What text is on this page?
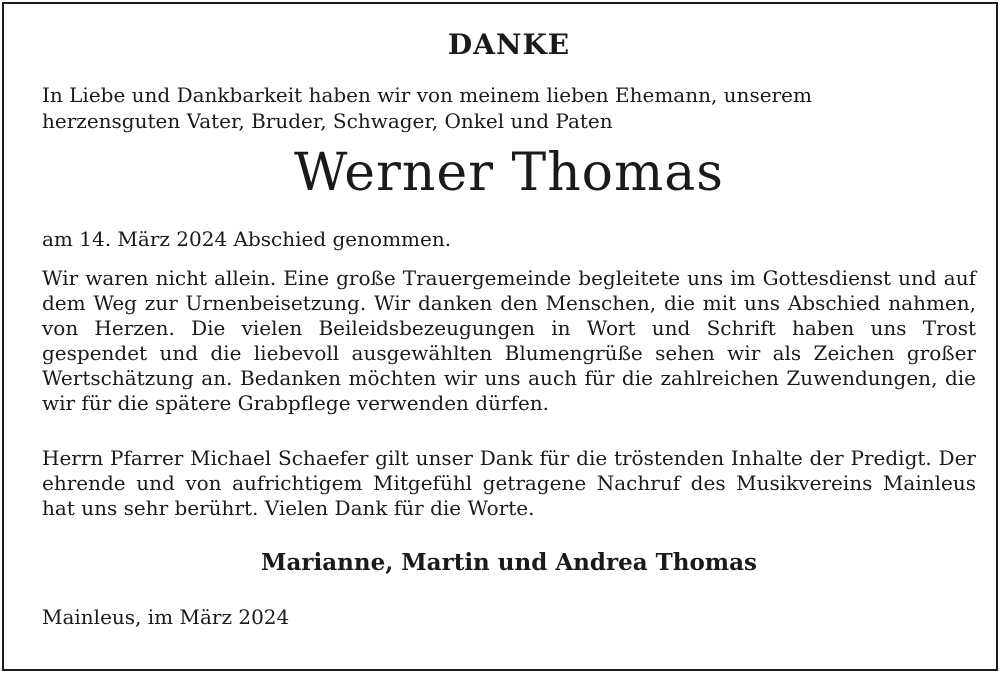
DANKE
In Liebe und Dankbarkeit haben wir von meinem lieben Ehemann, unserem
herzensguten Vater, Bruder, Schwager, Onkel und Paten
Werner Thomas
am 14. März 2024 Abschied genommen.
Wir waren nicht allein. Eine große Trauergemeinde begleitete uns im Gottesdienst und auf dem Weg zur Urnenbeisetzung. Wir danken den Menschen, die mit uns Abschied nahmen, von Herzen. Die vielen Beileidsbezeugungen in Wort und Schrift haben uns Trost gespendet und die liebevoll ausgewählten Blumengrüße sehen wir als Zeichen großer Wertschätzung an. Bedanken möchten wir uns auch für die zahlreichen Zuwendungen, die wir für die spätere Grabpflege verwenden dürfen.
Herrn Pfarrer Michael Schaefer gilt unser Dank für die tröstenden Inhalte der Predigt. Der ehrende und von aufrichtigem Mitgefühl getragene Nachruf des Musikvereins Mainleus hat uns sehr berührt. Vielen Dank für die Worte.
Marianne, Martin und Andrea Thomas
Mainleus, im März 2024
